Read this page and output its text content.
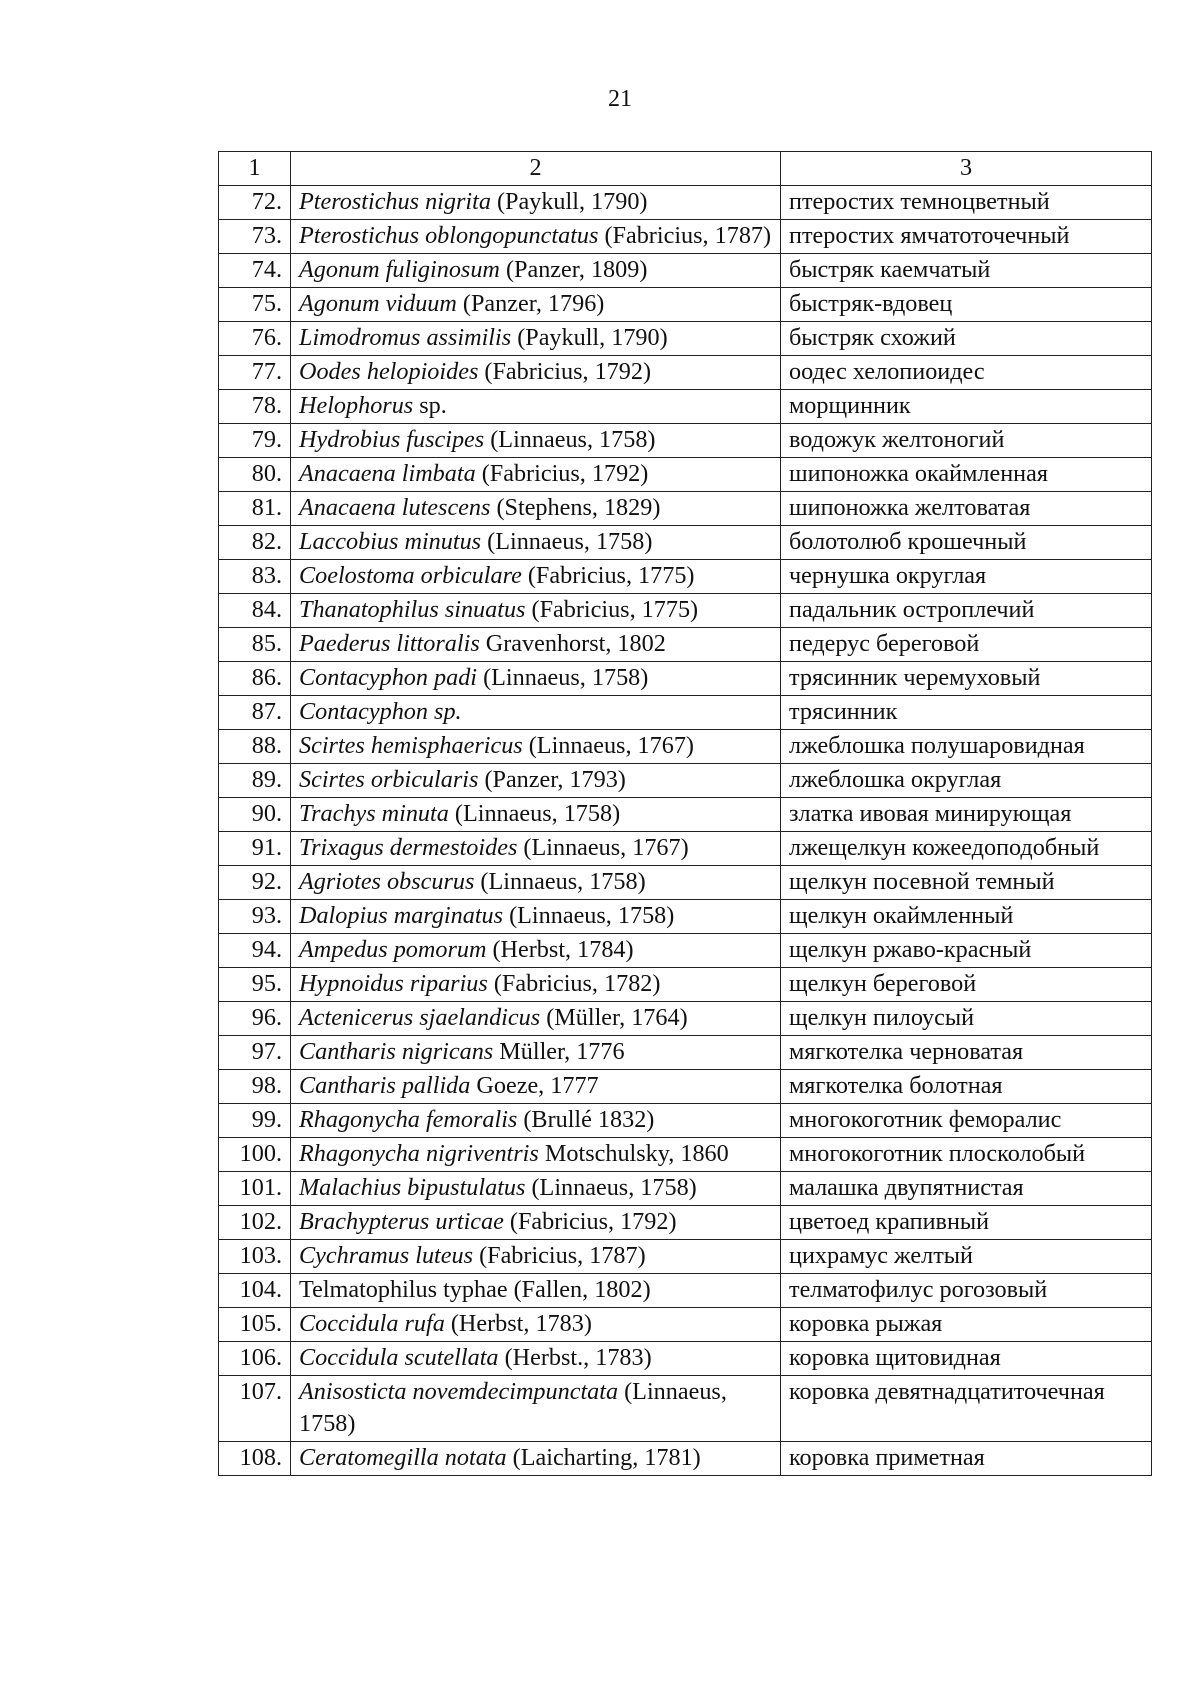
21
1	2	3
72.	Pterostichus nigrita (Paykull, 1790)	птеростих темноцветный
73.	Pterostichus oblongopunctatus (Fabricius, 1787)	птеростих ямчатоточечный
74.	Agonum fuliginosum (Panzer, 1809)	быстряк каемчатый
75.	Agonum viduum (Panzer, 1796)	быстряк-вдовец
76.	Limodromus assimilis (Paykull, 1790)	быстряк схожий
77.	Oodes helopioides (Fabricius, 1792)	оодес хелопиоидес
78.	Helophorus sp.	морщинник
79.	Hydrobius fuscipes (Linnaeus, 1758)	водожук желтоногий
80.	Anacaena limbata (Fabricius, 1792)	шипоножка окаймленная
81.	Anacaena lutescens (Stephens, 1829)	шипоножка желтоватая
82.	Laccobius minutus (Linnaeus, 1758)	болотолюб крошечный
83.	Coelostoma orbiculare (Fabricius, 1775)	чернушка округлая
84.	Thanatophilus sinuatus (Fabricius, 1775)	падальник остроплечий
85.	Paederus littoralis Gravenhorst, 1802	педерус береговой
86.	Contacyphon padi (Linnaeus, 1758)	трясинник черемуховый
87.	Contacyphon sp.	трясинник
88.	Scirtes hemisphaericus (Linnaeus, 1767)	лжеблошка полушаровидная
89.	Scirtes orbicularis (Panzer, 1793)	лжеблошка округлая
90.	Trachys minuta (Linnaeus, 1758)	златка ивовая минирующая
91.	Trixagus dermestoides (Linnaeus, 1767)	лжещелкун кожеедоподобный
92.	Agriotes obscurus (Linnaeus, 1758)	щелкун посевной темный
93.	Dalopius marginatus (Linnaeus, 1758)	щелкун окаймленный
94.	Ampedus pomorum (Herbst, 1784)	щелкун ржаво-красный
95.	Hypnoidus riparius (Fabricius, 1782)	щелкун береговой
96.	Actenicerus sjaelandicus (Müller, 1764)	щелкун пилоусый
97.	Cantharis nigricans Müller, 1776	мягкотелка черноватая
98.	Cantharis pallida Goeze, 1777	мягкотелка болотная
99.	Rhagonycha femoralis (Brullé 1832)	многокоготник феморалис
100.	Rhagonycha nigriventris Motschulsky, 1860	многокоготник плосколобый
101.	Malachius bipustulatus (Linnaeus, 1758)	малашка двупятнистая
102.	Brachypterus urticae (Fabricius, 1792)	цветоед крапивный
103.	Cychramus luteus (Fabricius, 1787)	цихрамус желтый
104.	Telmatophilus typhae (Fallen, 1802)	телматофилус рогозовый
105.	Coccidula rufa (Herbst, 1783)	коровка рыжая
106.	Coccidula scutellata (Herbst., 1783)	коровка щитовидная
107.	Anisosticta novemdecimpunctata (Linnaeus, 1758)	коровка девятнадцатиточечная
108.	Ceratomegilla notata (Laicharting, 1781)	коровка приметная
